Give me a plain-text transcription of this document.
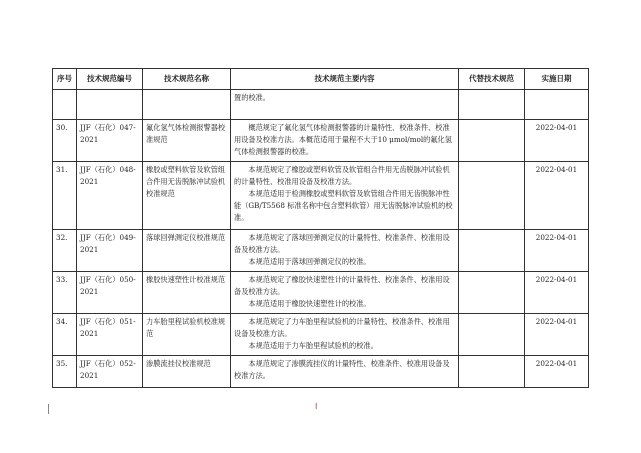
序号	技术规范编号	技术规范名称	技术规范主要内容	代替技术规范	实施日期
			置的校准。		
30.	JJF（石化）047-2021	氟化氢气体检测报警器校准规范	概范规定了氟化氢气体检测报警器的计量特性、校准条件、校准用设备及校准方法。本概范适用于量程不大于10 μmol/mol的氟化氢气体检测报警器的校准。		2022-04-01
31.	JJF（石化）048-2021	橡胶或塑料软管及软管组合件用无齿脱脉冲试验机校准规范	本规范规定了橡胶或塑料软管及软管组合件用无齿脱脉冲试验机的计量特性、校准用设备及校准方法。
本规范适用于检测橡胶或塑料软管及软管组合件用无齿脱脉冲性能（GB/T5568 标准名称中包含塑料软管）用无齿脱脉冲试验机的校准。		2022-04-01
32.	JJF（石化）049-2021	落球回弹测定仪校准规范	本规范规定了落球回弹测定仪的计量特性、校准条件、校准用设备及校准方法。
本规范适用于落球回弹测定仪的校准。		2022-04-01
33.	JJF（石化）050-2021	橡胶快速塑性计校准规范	本规范规定了橡胶快速塑性计的计量特性、校准条件、校准用设备及校准方法。
本规范适用于橡胶快速塑性计的校准。		2022-04-01
34.	JJF（石化）051-2021	力车胎里程试验机校准规范	本规范规定了力车胎里程试验机的计量特性、校准条件、校准用设备及校准方法。
本规范适用于力车胎里程试验机的校准。		2022-04-01
35.	JJF（石化）052-2021	渗膜流挂仪校准规范	本规范规定了渗膜流挂仪的计量特性、校准条件、校准用设备及校准方法。		2022-04-01
I
